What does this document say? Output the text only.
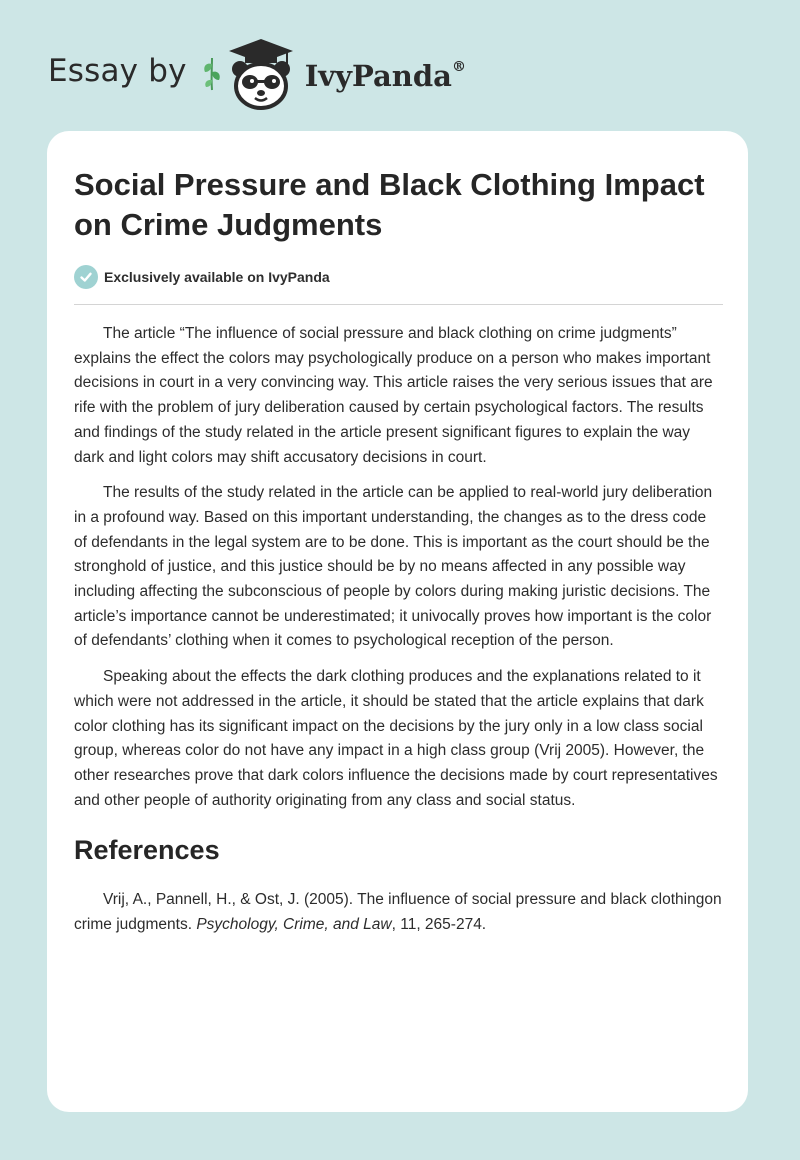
Essay by	IvyPanda®
Social Pressure and Black Clothing Impact on Crime Judgments
Exclusively available on IvyPanda

The article “The influence of social pressure and black clothing on crime judgments” explains the effect the colors may psychologically produce on a person who makes important decisions in court in a very convincing way. This article raises the very serious issues that are rife with the problem of jury deliberation caused by certain psychological factors. The results and findings of the study related in the article present significant figures to explain the way dark and light colors may shift accusatory decisions in court.

The results of the study related in the article can be applied to real-world jury deliberation in a profound way. Based on this important understanding, the changes as to the dress code of defendants in the legal system are to be done. This is important as the court should be the stronghold of justice, and this justice should be by no means affected in any possible way including affecting the subconscious of people by colors during making juristic decisions. The article’s importance cannot be underestimated; it univocally proves how important is the color of defendants’ clothing when it comes to psychological reception of the person.

Speaking about the effects the dark clothing produces and the explanations related to it which were not addressed in the article, it should be stated that the article explains that dark color clothing has its significant impact on the decisions by the jury only in a low class social group, whereas color do not have any impact in a high class group (Vrij 2005). However, the other researches prove that dark colors influence the decisions made by court representatives and other people of authority originating from any class and social status.

References
Vrij, A., Pannell, H., & Ost, J. (2005). The influence of social pressure and black clothingon crime judgments. Psychology, Crime, and Law, 11, 265-274.
